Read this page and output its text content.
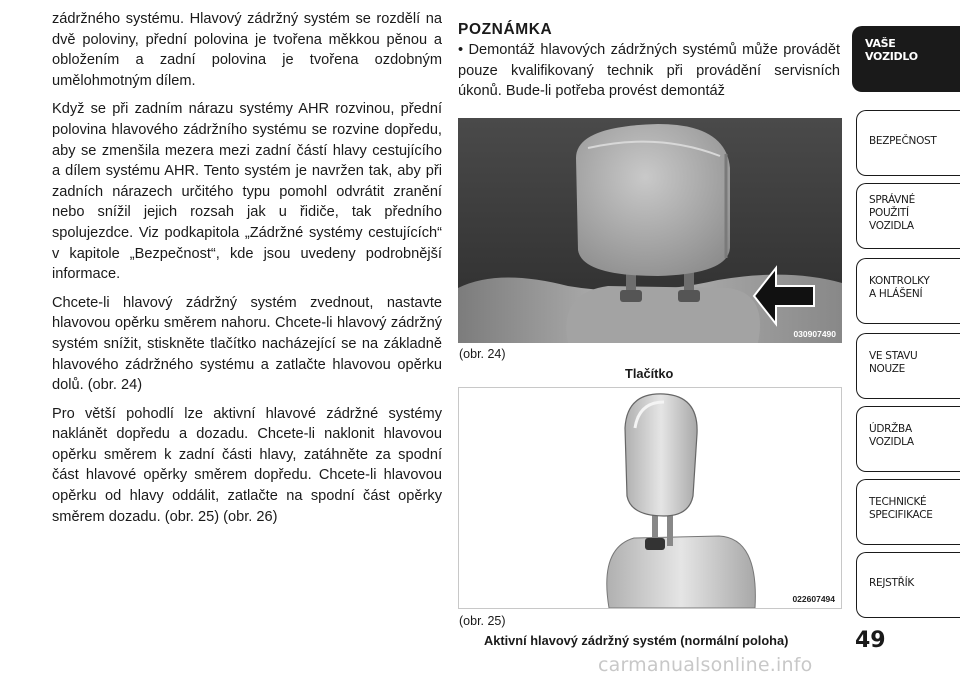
zádržného systému. Hlavový zádržný systém se rozdělí na dvě poloviny, přední polovina je tvořena měkkou pěnou a obložením a zadní polovina je tvořena ozdobným umělohmotným dílem.

Když se při zadním nárazu systémy AHR rozvinou, přední polovina hlavového zádržního systému se rozvine dopředu, aby se zmenšila mezera mezi zadní částí hlavy cestujícího a dílem systému AHR. Tento systém je navržen tak, aby při zadních nárazech určitého typu pomohl odvrátit zranění nebo snížil jejich rozsah jak u řidiče, tak předního spolujezdce. Viz podkapitola „Zádržné systémy cestujících“ v kapitole „Bezpečnost“, kde jsou uvedeny podrobnější informace.

Chcete-li hlavový zádržný systém zvednout, nastavte hlavovou opěrku směrem nahoru. Chcete-li hlavový zádržný systém snížit, stiskněte tlačítko nacházející se na základně hlavového zádržného systému a zatlačte hlavovou opěrku dolů. (obr. 24)

Pro větší pohodlí lze aktivní hlavové zádržné systémy naklánět dopředu a dozadu. Chcete-li naklonit hlavovou opěrku směrem k zadní části hlavy, zatáhněte za spodní část hlavové opěrky směrem dopředu. Chcete-li hlavovou opěrku od hlavy oddálit, zatlačte na spodní část opěrky směrem dozadu. (obr. 25) (obr. 26)

POZNÁMKA

• Demontáž hlavových zádržných systémů může provádět pouze kvalifikovaný technik při provádění servisních úkonů. Bude-li potřeba provést demontáž

030907490
(obr. 24)
Tlačítko
022607494
(obr. 25)
Aktivní hlavový zádržný systém (normální poloha)
VAŠE
VOZIDLO
BEZPEČNOST
SPRÁVNÉ
POUŽITÍ
VOZIDLA
KONTROLKY
A HLÁŠENÍ
VE STAVU
NOUZE
ÚDRŽBA
VOZIDLA
TECHNICKÉ
SPECIFIKACE
REJSTŘÍK
49
carmanualsonline.info
